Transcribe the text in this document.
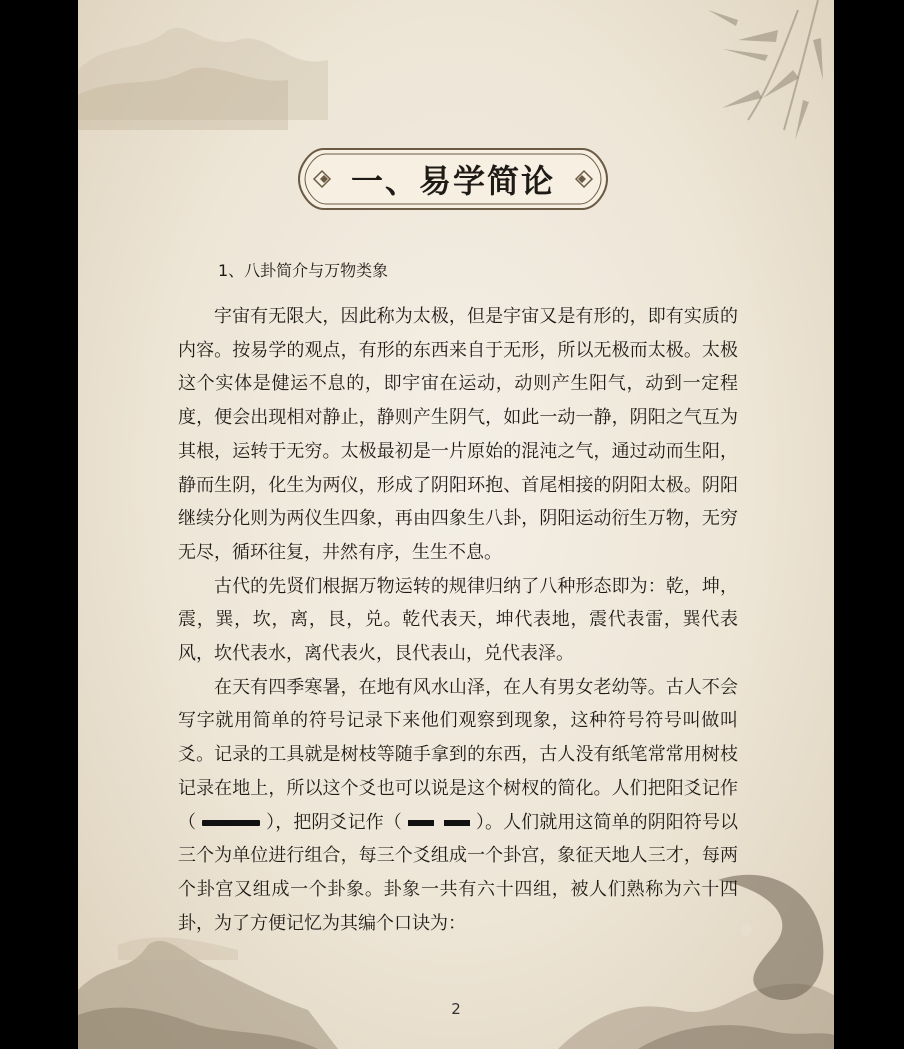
一、易学简论
1、八卦简介与万物类象

宇宙有无限大，因此称为太极，但是宇宙又是有形的，即有实质的内容。按易学的观点，有形的东西来自于无形，所以无极而太极。太极这个实体是健运不息的，即宇宙在运动，动则产生阳气，动到一定程度，便会出现相对静止，静则产生阴气，如此一动一静，阴阳之气互为其根，运转于无穷。太极最初是一片原始的混沌之气，通过动而生阳，静而生阴，化生为两仪，形成了阴阳环抱、首尾相接的阴阳太极。阴阳继续分化则为两仪生四象，再由四象生八卦，阴阳运动衍生万物，无穷无尽，循环往复，井然有序，生生不息。

古代的先贤们根据万物运转的规律归纳了八种形态即为：乾，坤，震，巽，坎，离，艮，兑。乾代表天，坤代表地，震代表雷，巽代表风，坎代表水，离代表火，艮代表山，兑代表泽。

在天有四季寒暑，在地有风水山泽，在人有男女老幼等。古人不会写字就用简单的符号记录下来他们观察到现象，这种符号符号叫做叫爻。记录的工具就是树枝等随手拿到的东西，古人没有纸笔常常用树枝记录在地上，所以这个爻也可以说是这个树杈的简化。人们把阳爻记作（	），把阴爻记作（	）。人们就用这简单的阴阳符号以三个为单位进行组合，每三个爻组成一个卦宫，象征天地人三才，每两个卦宫又组成一个卦象。卦象一共有六十四组，被人们熟称为六十四卦，为了方便记忆为其编个口诀为：

2
